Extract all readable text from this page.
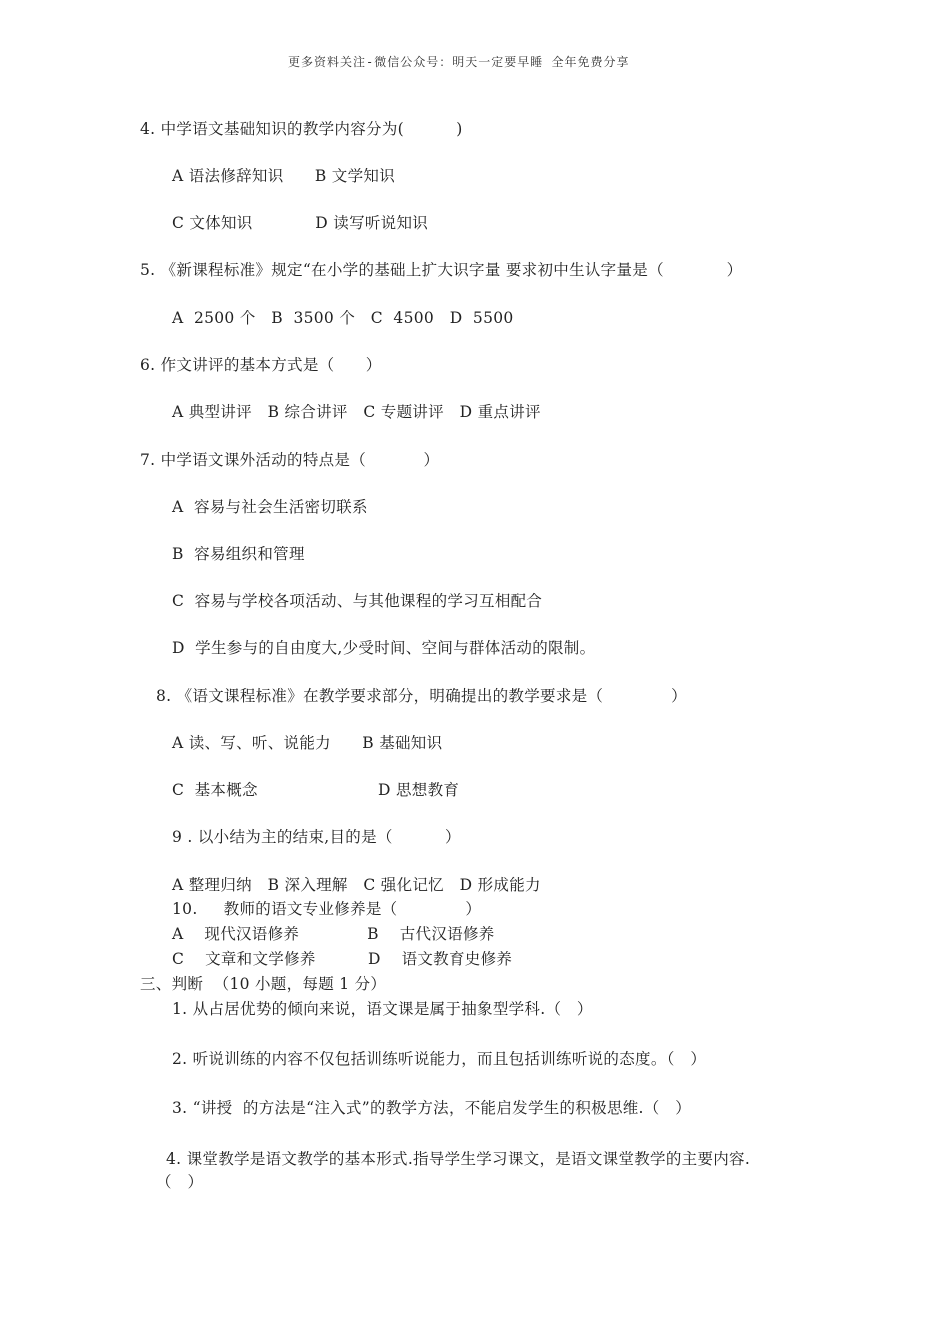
更多资料关注-微信公众号：明天一定要早睡 全年免费分享
4. 中学语文基础知识的教学内容分为(          )
A 语法修辞知识      B 文学知识
C 文体知识            D 读写听说知识
5. 《新课程标准》规定“在小学的基础上扩大识字量 要求初中生认字量是（            ）
A  2500 个   B  3500 个   C  4500   D  5500
6. 作文讲评的基本方式是（      ）
A 典型讲评   B 综合讲评   C 专题讲评   D 重点讲评
7. 中学语文课外活动的特点是（           ）
A  容易与社会生活密切联系
B  容易组织和管理
C  容易与学校各项活动、与其他课程的学习互相配合
D  学生参与的自由度大,少受时间、空间与群体活动的限制。
8. 《语文课程标准》在教学要求部分，明确提出的教学要求是（             ）
A 读、写、听、说能力      B 基础知识
C  基本概念                       D 思想教育
9 . 以小结为主的结束,目的是（          ）
A 整理归纳   B 深入理解   C 强化记忆   D 形成能力
10.     教师的语文专业修养是（             ）
A    现代汉语修养             B    古代汉语修养
C    文章和文学修养          D    语文教育史修养
三、判断  （10 小题，每题 1 分）
1. 从占居优势的倾向来说，语文课是属于抽象型学科.（   ）
2. 听说训练的内容不仅包括训练听说能力，而且包括训练听说的态度。（   ）
3. “讲授  的方法是“注入式”的教学方法，不能启发学生的积极思维.（   ）
4. 课堂教学是语文教学的基本形式.指导学生学习课文，是语文课堂教学的主要内容.
（   ）
